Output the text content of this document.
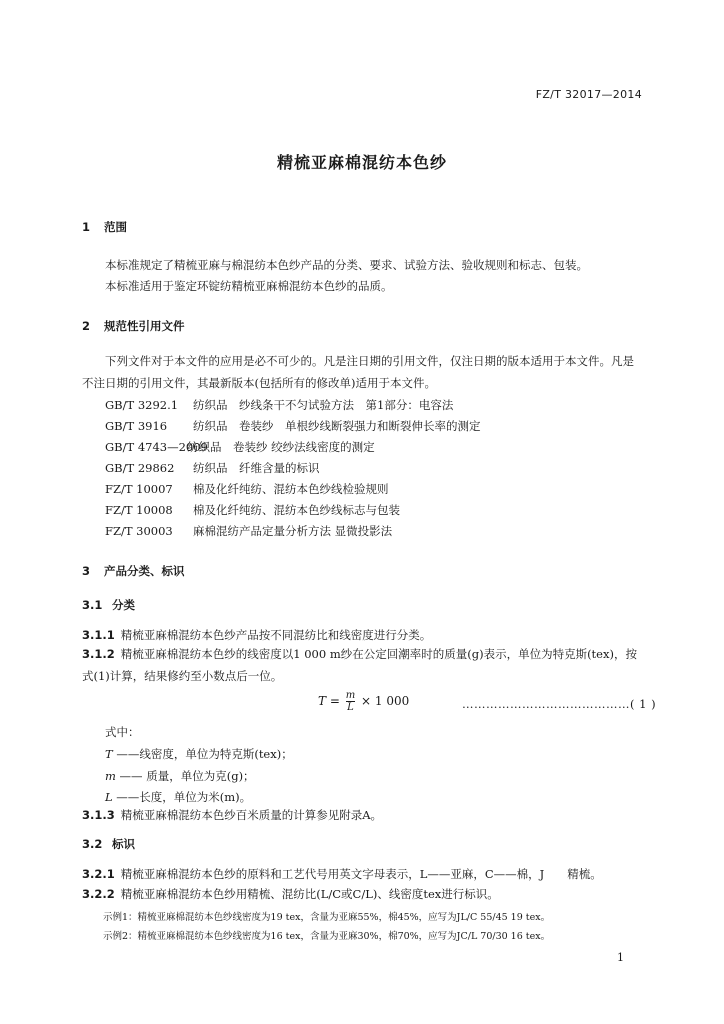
FZ/T 32017—2014
精梳亚麻棉混纺本色纱
1 范围
本标准规定了精梳亚麻与棉混纺本色纱产品的分类、要求、试验方法、验收规则和标志、包装。
本标准适用于鉴定环锭纺精梳亚麻棉混纺本色纱的品质。
2 规范性引用文件
下列文件对于本文件的应用是必不可少的。凡是注日期的引用文件，仅注日期的版本适用于本文件。凡是不注日期的引用文件，其最新版本(包括所有的修改单)适用于本文件。
GB/T 3292.1 纺织品　纱线条干不匀试验方法　第1部分：电容法
GB/T 3916 纺织品　卷装纱　单根纱线断裂强力和断裂伸长率的测定
GB/T 4743—2009纺织品　卷装纱 绞纱法线密度的测定
GB/T 29862 纺织品　纤维含量的标识
FZ/T 10007 棉及化纤纯纺、混纺本色纱线检验规则
FZ/T 10008 棉及化纤纯纺、混纺本色纱线标志与包装
FZ/T 30003 麻棉混纺产品定量分析方法 显微投影法
3 产品分类、标识
3.1 分类
3.1.1 精梳亚麻棉混纺本色纱产品按不同混纺比和线密度进行分类。
3.1.2 精梳亚麻棉混纺本色纱的线密度以1 000 m纱在公定回潮率时的质量(g)表示，单位为特克斯(tex)，按式(1)计算，结果修约至小数点后一位。
$T = \frac{m}{L} \times 1$ 000	……………………………………( 1 )
式中：
T ——线密度，单位为特克斯(tex)；
m —— 质量，单位为克(g)；
L ——长度，单位为米(m)。
3.1.3 精梳亚麻棉混纺本色纱百米质量的计算参见附录A。
3.2 标识
3.2.1 精梳亚麻棉混纺本色纱的原料和工艺代号用英文字母表示，L——亚麻，C——棉，J　　精梳。
3.2.2 精梳亚麻棉混纺本色纱用精梳、混纺比(L/C或C/L)、线密度tex进行标识。
示例1：精梳亚麻棉混纺本色纱线密度为19 tex，含量为亚麻55%，棉45%，应写为JL/C 55/45 19 tex。
示例2：精梳亚麻棉混纺本色纱线密度为16 tex，含量为亚麻30%，棉70%，应写为JC/L 70/30 16 tex。
1
